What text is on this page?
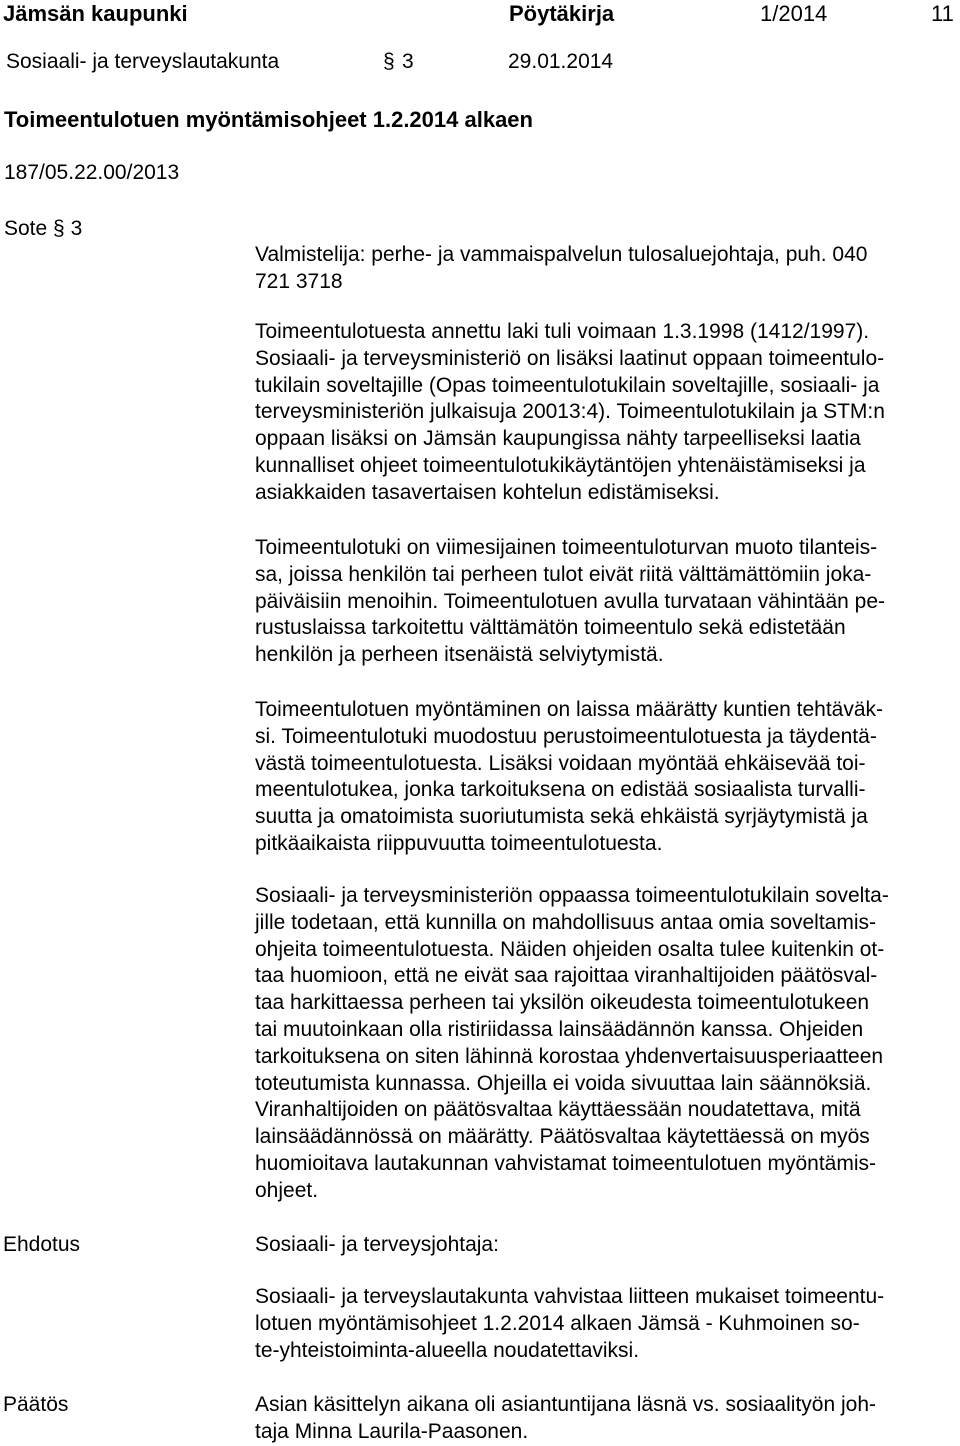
Jämsän kaupunki	Pöytäkirja	1/2014	11
Sosiaali- ja terveyslautakunta	§ 3	29.01.2014
Toimeentulotuen myöntämisohjeet 1.2.2014 alkaen
187/05.22.00/2013
Sote § 3
Valmistelija: perhe- ja vammaispalvelun tulosaluejohtaja, puh. 040
721 3718
Toimeentulotuesta annettu laki tuli voimaan 1.3.1998 (1412/1997).
Sosiaali- ja terveysministeriö on lisäksi laatinut oppaan toimeentulo-
tukilain soveltajille (Opas toimeentulotukilain soveltajille, sosiaali- ja
terveysministeriön julkaisuja 20013:4). Toimeentulotukilain ja STM:n
oppaan lisäksi on Jämsän kaupungissa nähty tarpeelliseksi laatia
kunnalliset ohjeet toimeentulotukikäytäntöjen yhtenäistämiseksi ja
asiakkaiden tasavertaisen kohtelun edistämiseksi.
Toimeentulotuki on viimesijainen toimeentuloturvan muoto tilanteis-
sa, joissa henkilön tai perheen tulot eivät riitä välttämättömiin joka-
päiväisiin menoihin. Toimeentulotuen avulla turvataan vähintään pe-
rustuslaissa tarkoitettu välttämätön toimeentulo sekä edistetään
henkilön ja perheen itsenäistä selviytymistä.
Toimeentulotuen myöntäminen on laissa määrätty kuntien tehtäväk-
si. Toimeentulotuki muodostuu perustoimeentulotuesta ja täydentä-
västä toimeentulotuesta. Lisäksi voidaan myöntää ehkäisevää toi-
meentulotukea, jonka tarkoituksena on edistää sosiaalista turvalli-
suutta ja omatoimista suoriutumista sekä ehkäistä syrjäytymistä ja
pitkäaikaista riippuvuutta toimeentulotuesta.
Sosiaali- ja terveysministeriön oppaassa toimeentulotukilain sovelta-
jille todetaan, että kunnilla on mahdollisuus antaa omia soveltamis-
ohjeita toimeentulotuesta. Näiden ohjeiden osalta tulee kuitenkin ot-
taa huomioon, että ne eivät saa rajoittaa viranhaltijoiden päätösval-
taa harkittaessa perheen tai yksilön oikeudesta toimeentulotukeen
tai muutoinkaan olla ristiriidassa lainsäädännön kanssa. Ohjeiden
tarkoituksena on siten lähinnä korostaa yhdenvertaisuusperiaatteen
toteutumista kunnassa. Ohjeilla ei voida sivuuttaa lain säännöksiä.
Viranhaltijoiden on päätösvaltaa käyttäessään noudatettava, mitä
lainsäädännössä on määrätty. Päätösvaltaa käytettäessä on myös
huomioitava lautakunnan vahvistamat toimeentulotuen myöntämis-
ohjeet.
Ehdotus	Sosiaali- ja terveysjohtaja:
Sosiaali- ja terveyslautakunta vahvistaa liitteen mukaiset toimeentu-
lotuen myöntämisohjeet 1.2.2014 alkaen Jämsä - Kuhmoinen so-
te-yhteistoiminta-alueella noudatettaviksi.
Päätös	Asian käsittelyn aikana oli asiantuntijana läsnä vs. sosiaalityön joh-
taja Minna Laurila-Paasonen.
